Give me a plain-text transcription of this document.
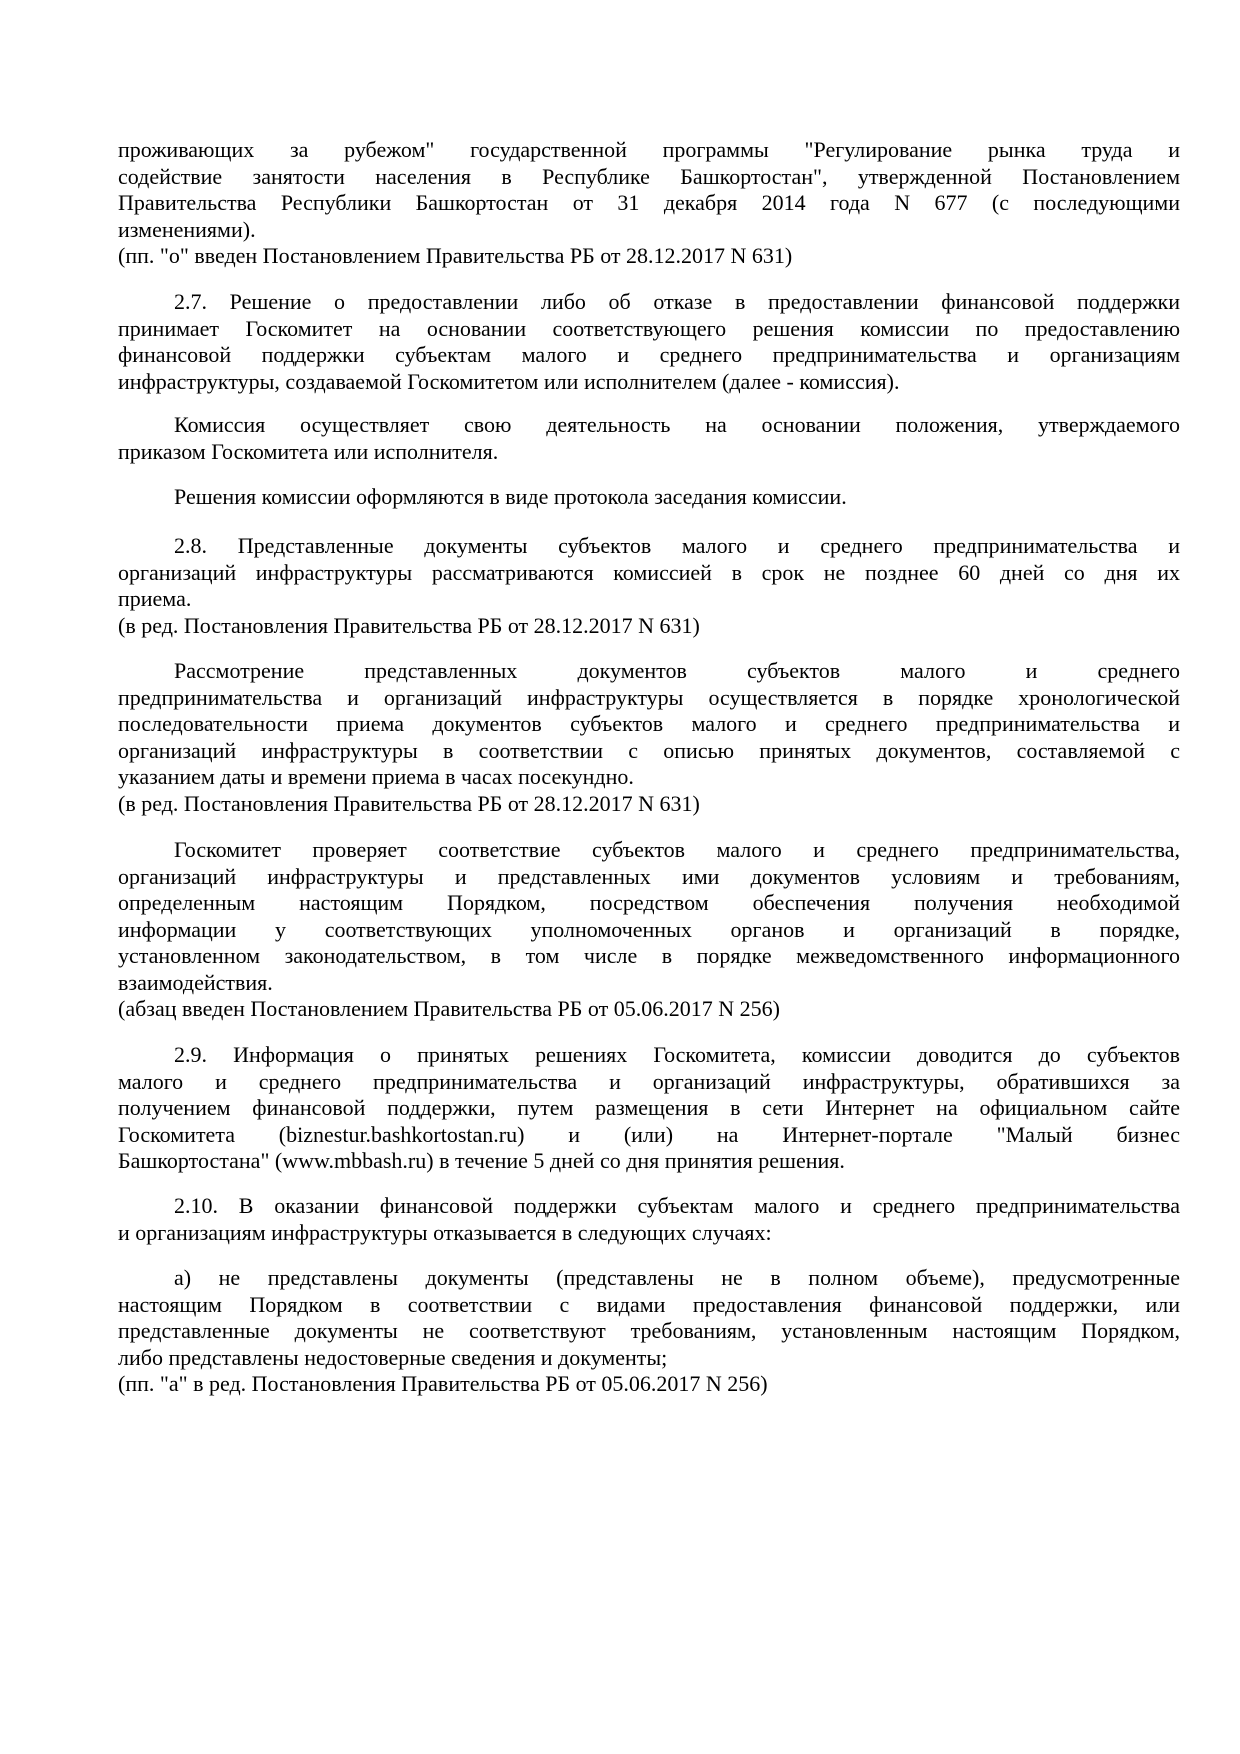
проживающих за рубежом" государственной программы "Регулирование рынка труда и
содействие занятости населения в Республике Башкортостан", утвержденной Постановлением
Правительства Республики Башкортостан от 31 декабря 2014 года N 677 (с последующими
изменениями).
(пп. "о" введен Постановлением Правительства РБ от 28.12.2017 N 631)
2.7. Решение о предоставлении либо об отказе в предоставлении финансовой поддержки
принимает Госкомитет на основании соответствующего решения комиссии по предоставлению
финансовой поддержки субъектам малого и среднего предпринимательства и организациям
инфраструктуры, создаваемой Госкомитетом или исполнителем (далее - комиссия).
Комиссия осуществляет свою деятельность на основании положения, утверждаемого
приказом Госкомитета или исполнителя.
Решения комиссии оформляются в виде протокола заседания комиссии.
2.8. Представленные документы субъектов малого и среднего предпринимательства и
организаций инфраструктуры рассматриваются комиссией в срок не позднее 60 дней со дня их
приема.
(в ред. Постановления Правительства РБ от 28.12.2017 N 631)
Рассмотрение представленных документов субъектов малого и среднего
предпринимательства и организаций инфраструктуры осуществляется в порядке хронологической
последовательности приема документов субъектов малого и среднего предпринимательства и
организаций инфраструктуры в соответствии с описью принятых документов, составляемой с
указанием даты и времени приема в часах посекундно.
(в ред. Постановления Правительства РБ от 28.12.2017 N 631)
Госкомитет проверяет соответствие субъектов малого и среднего предпринимательства,
организаций инфраструктуры и представленных ими документов условиям и требованиям,
определенным настоящим Порядком, посредством обеспечения получения необходимой
информации у соответствующих уполномоченных органов и организаций в порядке,
установленном законодательством, в том числе в порядке межведомственного информационного
взаимодействия.
(абзац введен Постановлением Правительства РБ от 05.06.2017 N 256)
2.9. Информация о принятых решениях Госкомитета, комиссии доводится до субъектов
малого и среднего предпринимательства и организаций инфраструктуры, обратившихся за
получением финансовой поддержки, путем размещения в сети Интернет на официальном сайте
Госкомитета (biznestur.bashkortostan.ru) и (или) на Интернет-портале "Малый бизнес
Башкортостана" (www.mbbash.ru) в течение 5 дней со дня принятия решения.
2.10. В оказании финансовой поддержки субъектам малого и среднего предпринимательства
и организациям инфраструктуры отказывается в следующих случаях:
а) не представлены документы (представлены не в полном объеме), предусмотренные
настоящим Порядком в соответствии с видами предоставления финансовой поддержки, или
представленные документы не соответствуют требованиям, установленным настоящим Порядком,
либо представлены недостоверные сведения и документы;
(пп. "а" в ред. Постановления Правительства РБ от 05.06.2017 N 256)
